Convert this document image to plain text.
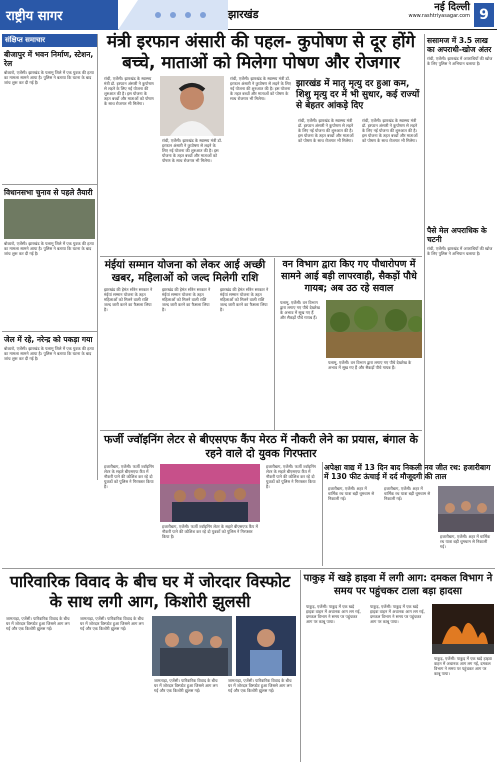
राष्ट्रीय सागर	झारखंड
नई दिल्ली
www.rashtriyasagar.com 9
संक्षिप्त समाचार
बीजापुर में भवन निर्माण, स्टेशन, रेल
बोकारो, एजेंसी। झारखंड के पलामू जिले में एक युवक की हत्या का मामला सामने आया है। पुलिस ने बताया कि घटना के बाद जांच शुरू कर दी गई है।
विधानसभा चुनाव से पहले तैयारी
बोकारो, एजेंसी। झारखंड के पलामू जिले में एक युवक की हत्या का मामला सामने आया है। पुलिस ने बताया कि घटना के बाद जांच शुरू कर दी गई है।
जेल में रहे, नरेन्द्र को पकड़ा गया
बोकारो, एजेंसी। झारखंड के पलामू जिले में एक युवक की हत्या का मामला सामने आया है। पुलिस ने बताया कि घटना के बाद जांच शुरू कर दी गई है।
मंत्री इरफान अंसारी की पहल- कुपोषण से दूर होंगे बच्चे, माताओं को मिलेगा पोषण और रोजगार
रांची, एजेंसी। झारखंड के स्वास्थ्य मंत्री डॉ. इरफान अंसारी ने कुपोषण से लड़ने के लिए नई योजना की शुरुआत की है। इस योजना के तहत बच्चों और माताओं को पोषण के साथ रोजगार भी मिलेगा।
रांची, एजेंसी। झारखंड के स्वास्थ्य मंत्री डॉ. इरफान अंसारी ने कुपोषण से लड़ने के लिए नई योजना की शुरुआत की है। इस योजना के तहत बच्चों और माताओं को पोषण के साथ रोजगार भी मिलेगा।
रांची, एजेंसी। झारखंड के स्वास्थ्य मंत्री डॉ. इरफान अंसारी ने कुपोषण से लड़ने के लिए नई योजना की शुरुआत की है। इस योजना के तहत बच्चों और माताओं को पोषण के साथ रोजगार भी मिलेगा।
झारखंड में मातृ मृत्यु दर हुआ कम, शिशु मृत्यु दर में भी सुधार, कई राज्यों से बेहतर आंकड़े दिए
रांची, एजेंसी। झारखंड के स्वास्थ्य मंत्री डॉ. इरफान अंसारी ने कुपोषण से लड़ने के लिए नई योजना की शुरुआत की है। इस योजना के तहत बच्चों और माताओं को पोषण के साथ रोजगार भी मिलेगा।
रांची, एजेंसी। झारखंड के स्वास्थ्य मंत्री डॉ. इरफान अंसारी ने कुपोषण से लड़ने के लिए नई योजना की शुरुआत की है। इस योजना के तहत बच्चों और माताओं को पोषण के साथ रोजगार भी मिलेगा।
ससामज में 3.5 लाख का अपराधी-खोज अंतर
रांची, एजेंसी। झारखंड में अपराधियों की खोज के लिए पुलिस ने अभियान चलाया है।
पैसे मेल अपराधिक के चटनी
रांची, एजेंसी। झारखंड में अपराधियों की खोज के लिए पुलिस ने अभियान चलाया है।
मंईयां सम्मान योजना को लेकर आई अच्छी खबर, महिलाओं को जल्द मिलेगी राशि
झारखंड की हेमंत सोरेन सरकार ने मंईयां सम्मान योजना के तहत महिलाओं को मिलने वाली राशि जल्द जारी करने का फैसला लिया है।
झारखंड की हेमंत सोरेन सरकार ने मंईयां सम्मान योजना के तहत महिलाओं को मिलने वाली राशि जल्द जारी करने का फैसला लिया है।
झारखंड की हेमंत सोरेन सरकार ने मंईयां सम्मान योजना के तहत महिलाओं को मिलने वाली राशि जल्द जारी करने का फैसला लिया है।
वन विभाग द्वारा किए गए पौधारोपण में सामने आई बड़ी लापरवाही, सैकड़ों पौधे गायब; अब उठ रहे सवाल
पलामू, एजेंसी। वन विभाग द्वारा लगाए गए पौधे देखरेख के अभाव में सूख गए हैं और सैकड़ों पौधे गायब हैं।
पलामू, एजेंसी। वन विभाग द्वारा लगाए गए पौधे देखरेख के अभाव में सूख गए हैं और सैकड़ों पौधे गायब हैं।
फर्जी ज्वॉइनिंग लेटर से बीएसएफ कैंप मेरठ में नौकरी लेने का प्रयास, बंगाल के रहने वाले दो युवक गिरफ्तार
हजारीबाग, एजेंसी। फर्जी ज्वॉइनिंग लेटर के सहारे बीएसएफ कैंप में नौकरी पाने की कोशिश कर रहे दो युवकों को पुलिस ने गिरफ्तार किया है।
हजारीबाग, एजेंसी। फर्जी ज्वॉइनिंग लेटर के सहारे बीएसएफ कैंप में नौकरी पाने की कोशिश कर रहे दो युवकों को पुलिस ने गिरफ्तार किया है।
हजारीबाग, एजेंसी। फर्जी ज्वॉइनिंग लेटर के सहारे बीएसएफ कैंप में नौकरी पाने की कोशिश कर रहे दो युवकों को पुलिस ने गिरफ्तार किया है।
अपेक्षा वाद्य में 13 दिन बाद निकली नव जीत रथ: हजारीबाग में 130 फीट ऊंचाई में दर्द मौजूदगी की ताल
हजारीबाग, एजेंसी। शहर में धार्मिक रथ यात्रा बड़ी धूमधाम से निकाली गई।
हजारीबाग, एजेंसी। शहर में धार्मिक रथ यात्रा बड़ी धूमधाम से निकाली गई।
हजारीबाग, एजेंसी। शहर में धार्मिक रथ यात्रा बड़ी धूमधाम से निकाली गई।
पारिवारिक विवाद के बीच घर में जोरदार विस्फोट के साथ लगी आग, किशोरी झुलसी
जामताड़ा, एजेंसी। पारिवारिक विवाद के बीच घर में जोरदार विस्फोट हुआ जिससे आग लग गई और एक किशोरी झुलस गई।
जामताड़ा, एजेंसी। पारिवारिक विवाद के बीच घर में जोरदार विस्फोट हुआ जिससे आग लग गई और एक किशोरी झुलस गई।
जामताड़ा, एजेंसी। पारिवारिक विवाद के बीच घर में जोरदार विस्फोट हुआ जिससे आग लग गई और एक किशोरी झुलस गई।
जामताड़ा, एजेंसी। पारिवारिक विवाद के बीच घर में जोरदार विस्फोट हुआ जिससे आग लग गई और एक किशोरी झुलस गई।
पाकुड़ में खड़े हाइवा में लगी आग: दमकल विभाग ने समय पर पहुंचकर टाला बड़ा हादसा
पाकुड़, एजेंसी। पाकुड़ में एक खड़े हाइवा वाहन में अचानक आग लग गई, दमकल विभाग ने समय पर पहुंचकर आग पर काबू पाया।
पाकुड़, एजेंसी। पाकुड़ में एक खड़े हाइवा वाहन में अचानक आग लग गई, दमकल विभाग ने समय पर पहुंचकर आग पर काबू पाया।
पाकुड़, एजेंसी। पाकुड़ में एक खड़े हाइवा वाहन में अचानक आग लग गई, दमकल विभाग ने समय पर पहुंचकर आग पर काबू पाया।
